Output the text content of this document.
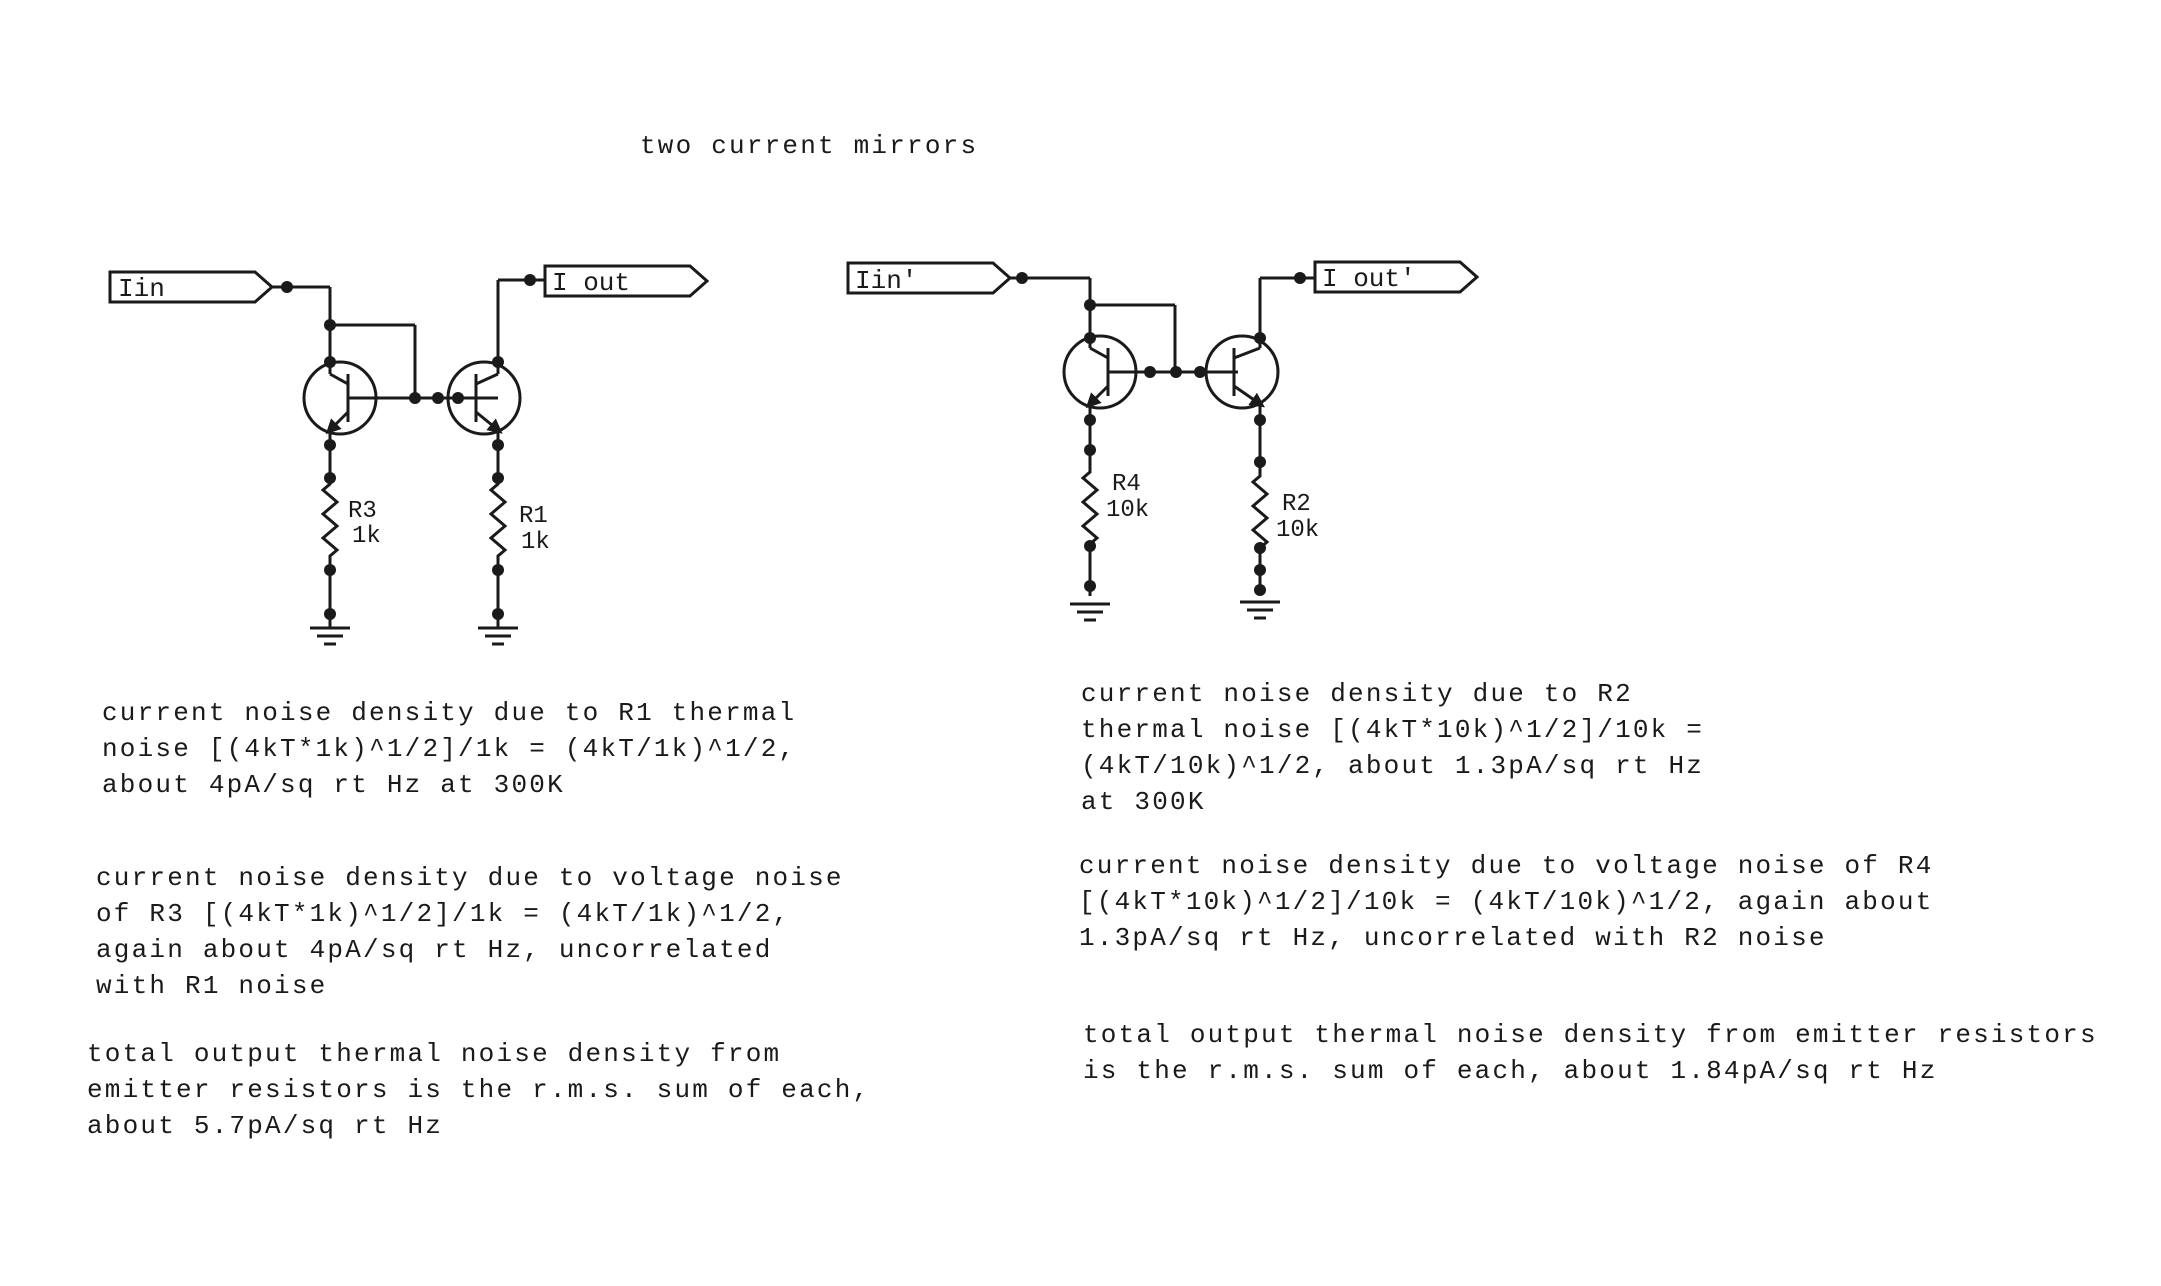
two current mirrors
Iin	I out
R3
1k
R1
1k
Iin'	I out'
R4
10k	R2
10k
current noise density due to R1 thermal
noise [(4kT*1k)^1/2]/1k = (4kT/1k)^1/2,
about 4pA/sq rt Hz at 300K
current noise density due to voltage noise
of R3 [(4kT*1k)^1/2]/1k = (4kT/1k)^1/2,
again about 4pA/sq rt Hz, uncorrelated
with R1 noise
total output thermal noise density from
emitter resistors is the r.m.s. sum of each,
about 5.7pA/sq rt Hz
current noise density due to R2
thermal noise [(4kT*10k)^1/2]/10k =
(4kT/10k)^1/2, about 1.3pA/sq rt Hz
at 300K
current noise density due to voltage noise of R4
[(4kT*10k)^1/2]/10k = (4kT/10k)^1/2, again about
1.3pA/sq rt Hz, uncorrelated with R2 noise
total output thermal noise density from emitter resistors
is the r.m.s. sum of each, about 1.84pA/sq rt Hz
